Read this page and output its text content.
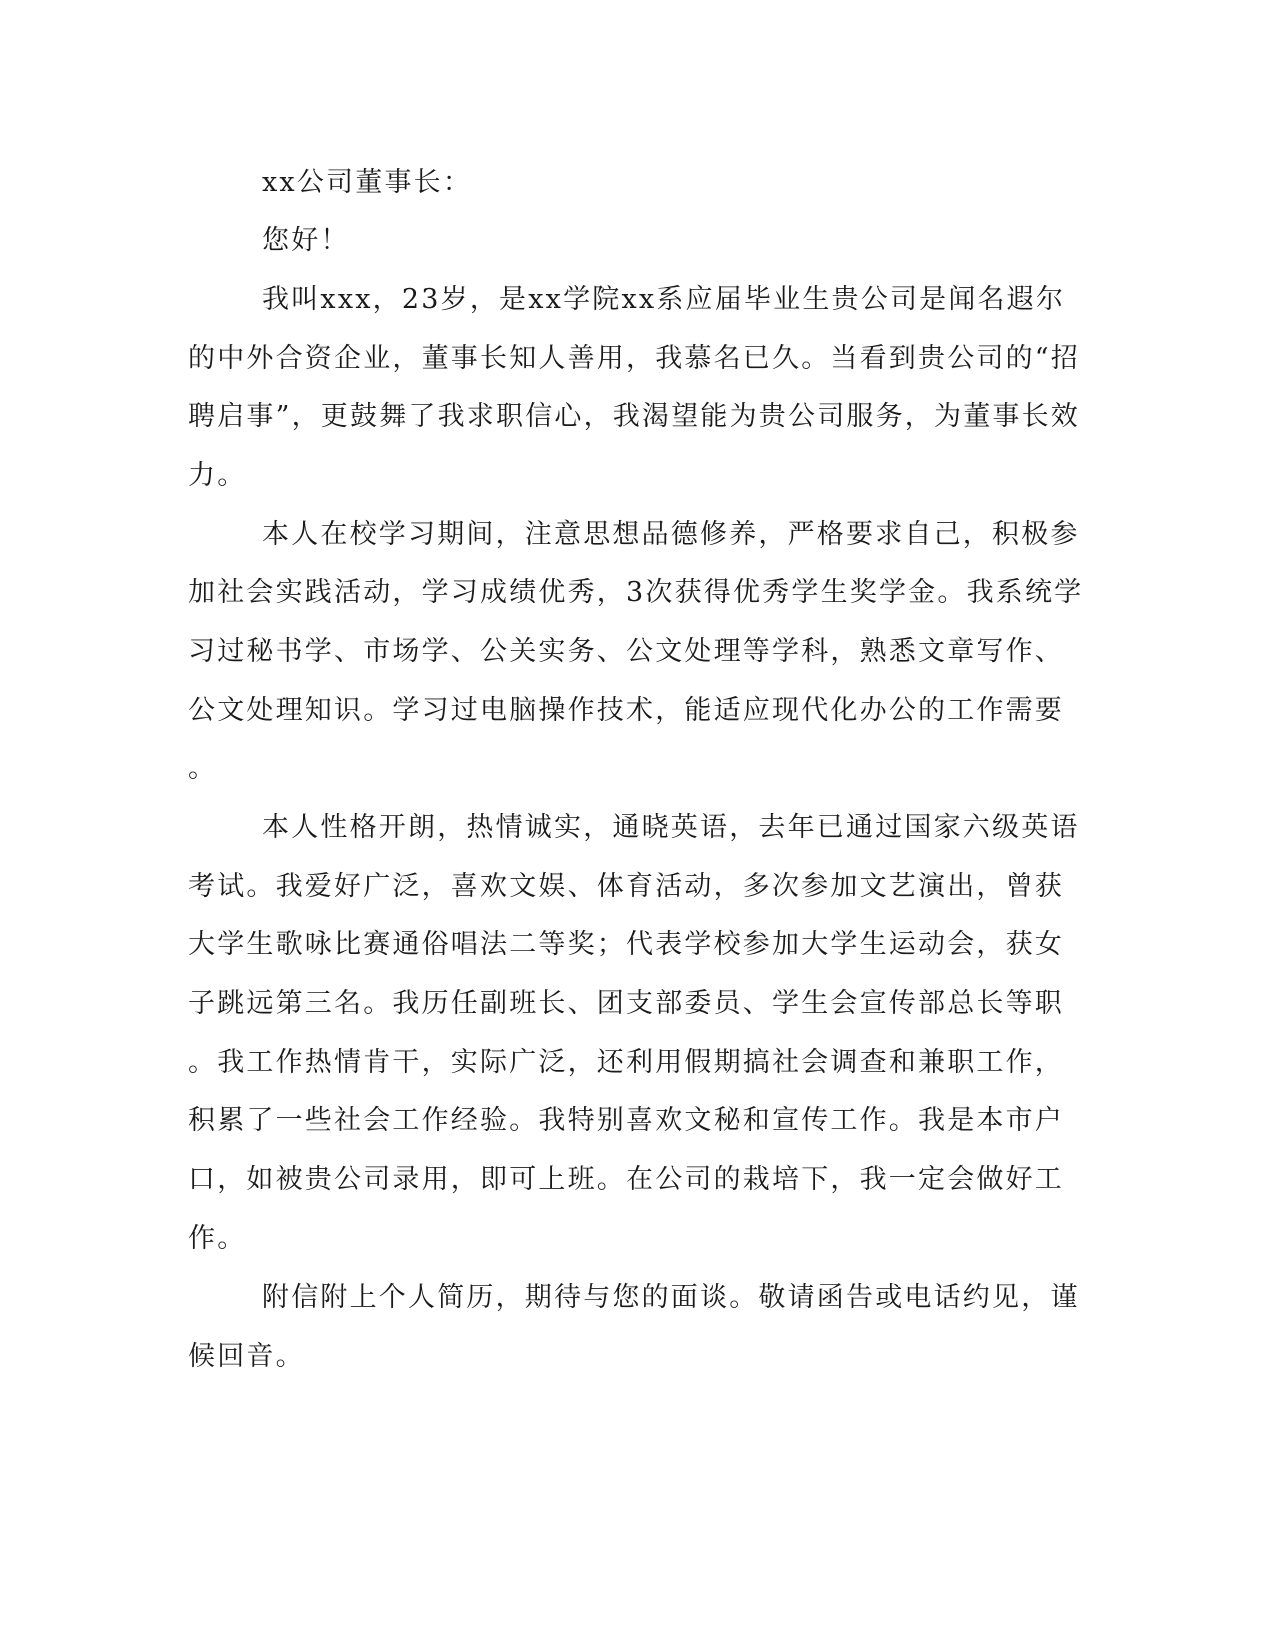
xx公司董事长：
您好！
我叫xxx，23岁，是xx学院xx系应届毕业生贵公司是闻名遐尔
的中外合资企业，董事长知人善用，我慕名已久。当看到贵公司的“招
聘启事”，更鼓舞了我求职信心，我渴望能为贵公司服务，为董事长效
力。
本人在校学习期间，注意思想品德修养，严格要求自己，积极参
加社会实践活动，学习成绩优秀，3次获得优秀学生奖学金。我系统学
习过秘书学、市场学、公关实务、公文处理等学科，熟悉文章写作、
公文处理知识。学习过电脑操作技术，能适应现代化办公的工作需要
。
本人性格开朗，热情诚实，通晓英语，去年已通过国家六级英语
考试。我爱好广泛，喜欢文娱、体育活动，多次参加文艺演出，曾获
大学生歌咏比赛通俗唱法二等奖；代表学校参加大学生运动会，获女
子跳远第三名。我历任副班长、团支部委员、学生会宣传部总长等职
。我工作热情肯干，实际广泛，还利用假期搞社会调查和兼职工作，
积累了一些社会工作经验。我特别喜欢文秘和宣传工作。我是本市户
口，如被贵公司录用，即可上班。在公司的栽培下，我一定会做好工
作。
附信附上个人简历，期待与您的面谈。敬请函告或电话约见，谨
候回音。
